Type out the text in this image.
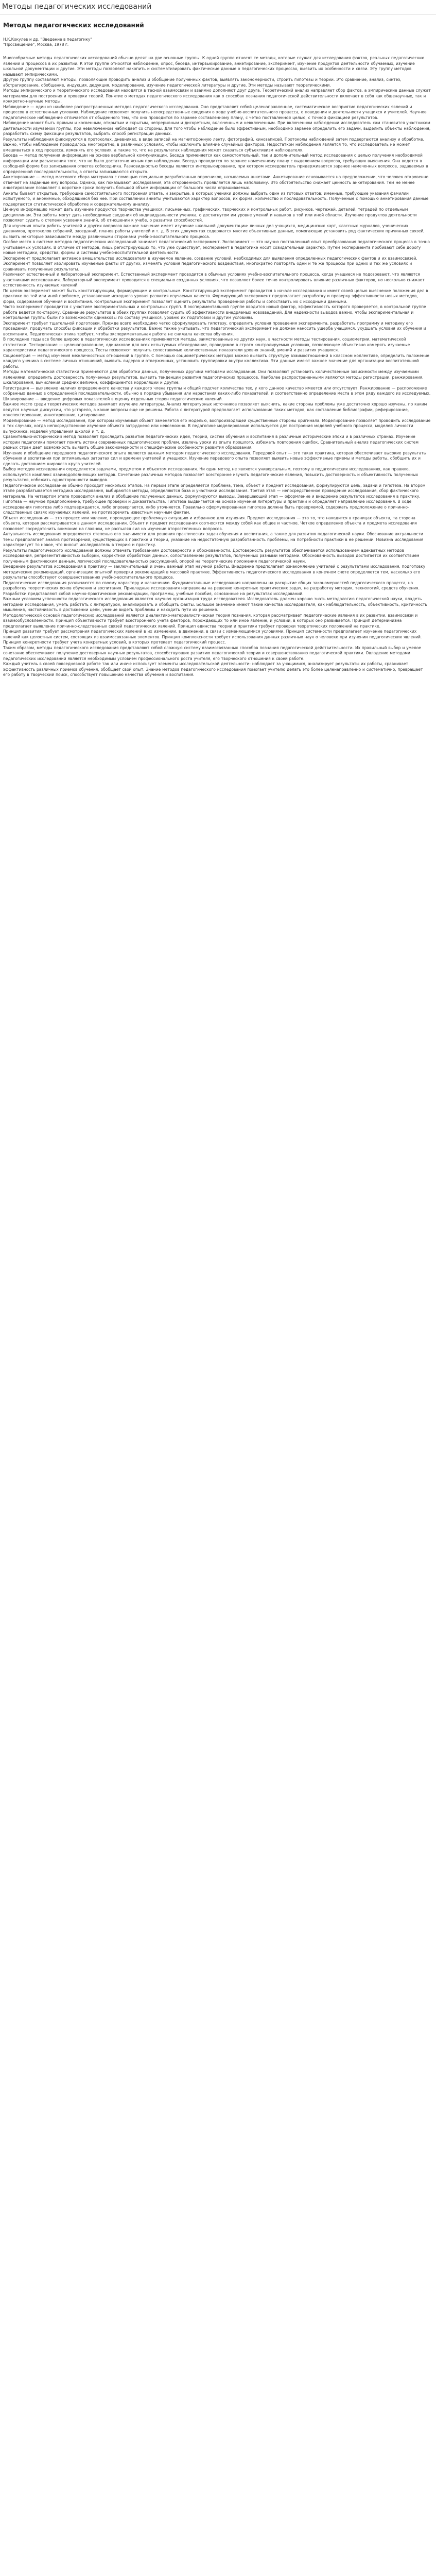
Методы педагогических исследований
Методы педагогических исследований

Н.К.Кокулев и др. "Введение в педагогику"

"Просвещение", Москва, 1978 г.

Многообразные методы педагогических исследований обычно делят на две основные группы. К одной группе относят те методы, которые служат для исследования фактов, реальных педагогических явлений и процессов в их развитии. К этой группе относятся наблюдение, опрос, беседа, интервьюирование, анкетирование, эксперимент, изучение продуктов деятельности обучаемых, изучение школьной документации и другие. Эти методы позволяют накопить и систематизировать фактические данные о педагогических процессах, выявить их особенности и связи. Эту группу методов называют эмпирическими.

Другую группу составляют методы, позволяющие проводить анализ и обобщение полученных фактов, выявлять закономерности, строить гипотезы и теории. Это сравнение, анализ, синтез, абстрагирование, обобщение, индукция, дедукция, моделирование, изучение педагогической литературы и другие. Эти методы называют теоретическими.

Методы эмпирического и теоретического исследования находятся в тесной взаимосвязи и взаимно дополняют друг друга. Теоретический анализ направляет сбор фактов, а эмпирические данные служат материалом для построения и проверки теорий. Понятие о методах педагогического исследования как о способах познания педагогической действительности включает в себя как общенаучные, так и конкретно-научные методы.

Наблюдение — один из наиболее распространенных методов педагогического исследования. Оно представляет собой целенаправленное, систематическое восприятие педагогических явлений и процессов в естественных условиях. Наблюдение позволяет получить непосредственные сведения о ходе учебно-воспитательного процесса, о поведении и деятельности учащихся и учителей. Научное педагогическое наблюдение отличается от обыденного тем, что оно проводится по заранее составленному плану, с четко поставленной целью, с точной фиксацией результатов.

Наблюдение может быть прямым и косвенным, открытым и скрытым, непрерывным и дискретным, включенным и невключенным. При включенном наблюдении исследователь сам становится участником деятельности изучаемой группы, при невключенном наблюдает со стороны. Для того чтобы наблюдение было эффективным, необходимо заранее определить его задачи, выделить объекты наблюдения, разработать схему фиксации результатов, выбрать способ регистрации данных.

Результаты наблюдения фиксируются в протоколах, дневниках, в виде записей на магнитофонную ленту, фотографий, кинозаписей. Протоколы наблюдений затем подвергаются анализу и обработке. Важно, чтобы наблюдение проводилось многократно, в различных условиях, чтобы исключить влияние случайных факторов. Недостатком наблюдения является то, что исследователь не может вмешиваться в ход процесса, изменять его условия, а также то, что на результатах наблюдения может сказаться субъективизм наблюдателя.

Беседа — метод получения информации на основе вербальной коммуникации. Беседа применяется как самостоятельный, так и дополнительный метод исследования с целью получения необходимой информации или разъяснения того, что не было достаточно ясным при наблюдении. Беседа проводится по заранее намеченному плану с выделением вопросов, требующих выяснения. Она ведется в свободной форме без записывания ответов собеседника. Разновидностью беседы является интервьюирование, при котором исследователь придерживается заранее намеченных вопросов, задаваемых в определенной последовательности, а ответы записываются открыто.

Анкетирование — метод массового сбора материала с помощью специально разработанных опросников, называемых анкетами. Анкетирование основывается на предположении, что человек откровенно отвечает на заданные ему вопросы. Однако, как показывают исследования, эта откровенность проявляется лишь наполовину. Это обстоятельство снижает ценность анкетирования. Тем не менее анкетирование позволяет в короткие сроки получить большой объем информации от большого числа опрашиваемых.

Анкеты бывают открытые, требующие самостоятельного построения ответа, и закрытые, в которых ученики должны выбрать один из готовых ответов; именные, требующие указания фамилии испытуемого, и анонимные, обходящиеся без нее. При составлении анкеты учитываются характер вопросов, их форма, количество и последовательность. Полученные с помощью анкетирования данные подвергаются статистической обработке и содержательному анализу.

Ценную информацию может дать изучение продуктов творчества учащихся: письменных, графических, творческих и контрольных работ, рисунков, чертежей, деталей, тетрадей по отдельным дисциплинам. Эти работы могут дать необходимые сведения об индивидуальности ученика, о достигнутом им уровне умений и навыков в той или иной области. Изучение продуктов деятельности позволяет судить о степени усвоения знаний, об отношении к учебе, о развитии способностей.

Для изучения опыта работы учителей и других вопросов важное значение имеет изучение школьной документации: личных дел учащихся, медицинских карт, классных журналов, ученических дневников, протоколов собраний, заседаний, планов работы учителей и т. д. В этих документах содержатся многие объективные данные, помогающие установить ряд фактических причинных связей, выявить некоторые зависимости между различными сторонами учебно-воспитательного процесса.

Особое место в системе методов педагогических исследований занимает педагогический эксперимент. Эксперимент — это научно поставленный опыт преобразования педагогического процесса в точно учитываемых условиях. В отличие от методов, лишь регистрирующих то, что уже существует, эксперимент в педагогике носит созидательный характер. Путем эксперимента пробивают себе дорогу новые методики, средства, формы и системы учебно-воспитательной деятельности.

Эксперимент предполагает активное вмешательство исследователя в изучаемое явление, создание условий, необходимых для выявления определенных педагогических фактов и их взаимосвязей. Эксперимент позволяет изолировать изучаемые факты от других, изменять условия педагогического воздействия, многократно повторять одни и те же процессы при одних и тех же условиях и сравнивать полученные результаты.

Различают естественный и лабораторный эксперимент. Естественный эксперимент проводится в обычных условиях учебно-воспитательного процесса, когда учащиеся не подозревают, что являются участниками исследования. Лабораторный эксперимент проводится в специально созданных условиях, что позволяет более точно контролировать влияние различных факторов, но несколько снижает естественность изучаемых явлений.

По целям эксперимент может быть констатирующим, формирующим и контрольным. Констатирующий эксперимент проводится в начале исследования и имеет своей целью выяснение положения дел в практике по той или иной проблеме, установление исходного уровня развития изучаемых качеств. Формирующий эксперимент предполагает разработку и проверку эффективности новых методов, форм, содержания обучения и воспитания. Контрольный эксперимент позволяет оценить результаты проведенной работы и сопоставить их с исходными данными.

Часто эксперимент проводится с участием экспериментальных и контрольных групп. В экспериментальной группе вводится новый фактор, эффективность которого проверяется, в контрольной группе работа ведется по-старому. Сравнение результатов в обеих группах позволяет судить об эффективности внедряемых нововведений. Для надежности выводов важно, чтобы экспериментальная и контрольная группы были по возможности одинаковы по составу учащихся, уровню их подготовки и другим условиям.

Эксперимент требует тщательной подготовки. Прежде всего необходимо четко сформулировать гипотезу, определить условия проведения эксперимента, разработать программу и методику его проведения, продумать способы фиксации и обработки результатов. Важно также учитывать, что педагогический эксперимент не должен наносить ущерба учащимся, ухудшать условия их обучения и воспитания. Педагогическая этика требует, чтобы экспериментальная работа не снижала качества обучения.

В последние годы все более широко в педагогических исследованиях применяются методы, заимствованные из других наук, в частности методы тестирования, социометрии, математической статистики. Тестирование — целенаправленное, одинаковое для всех испытуемых обследование, проводимое в строго контролируемых условиях, позволяющее объективно измерять изучаемые характеристики педагогического процесса. Тесты позволяют получить сопоставимые количественные показатели уровня знаний, умений и развития учащихся.

Социометрия — метод изучения межличностных отношений в группе. С помощью социометрических методов можно выявить структуру взаимоотношений в классном коллективе, определить положение каждого ученика в системе личных отношений, выявить лидеров и отверженных, установить группировки внутри коллектива. Эти данные имеют важное значение для организации воспитательной работы.

Методы математической статистики применяются для обработки данных, полученных другими методами исследования. Они позволяют установить количественные зависимости между изучаемыми явлениями, определить достоверность полученных результатов, выявить тенденции развития педагогических процессов. Наиболее распространенными являются методы регистрации, ранжирования, шкалирования, вычисления средних величин, коэффициентов корреляции и другие.

Регистрация — выявление наличия определенного качества у каждого члена группы и общий подсчет количества тех, у кого данное качество имеется или отсутствует. Ранжирование — расположение собранных данных в определенной последовательности, обычно в порядке убывания или нарастания каких-либо показателей, и соответственно определение места в этом ряду каждого из исследуемых. Шкалирование — введение цифровых показателей в оценку отдельных сторон педагогических явлений.

Важное место среди теоретических методов занимает изучение литературы. Анализ литературных источников позволяет выяснить, какие стороны проблемы уже достаточно хорошо изучены, по каким ведутся научные дискуссии, что устарело, а какие вопросы еще не решены. Работа с литературой предполагает использование таких методов, как составление библиографии, реферирование, конспектирование, аннотирование, цитирование.

Моделирование — метод исследования, при котором изучаемый объект заменяется его моделью, воспроизводящей существенные стороны оригинала. Моделирование позволяет проводить исследование в тех случаях, когда непосредственное изучение объекта затруднено или невозможно. В педагогике моделирование используется для построения моделей учебного процесса, моделей личности выпускника, моделей управления школой и т. д.

Сравнительно-исторический метод позволяет проследить развитие педагогических идей, теорий, систем обучения и воспитания в различные исторические эпохи и в различных странах. Изучение истории педагогики помогает понять истоки современных педагогических проблем, извлечь уроки из опыта прошлого, избежать повторения ошибок. Сравнительный анализ педагогических систем разных стран дает возможность выявить общие закономерности и специфические особенности развития образования.

Изучение и обобщение передового педагогического опыта является важным методом педагогического исследования. Передовой опыт — это такая практика, которая обеспечивает высокие результаты обучения и воспитания при оптимальных затратах сил и времени учителей и учащихся. Изучение передового опыта позволяет выявить новые эффективные приемы и методы работы, обобщить их и сделать достоянием широкого круга учителей.

Выбор методов исследования определяется задачами, предметом и объектом исследования. Ни один метод не является универсальным, поэтому в педагогических исследованиях, как правило, используется комплекс взаимодополняющих методов. Сочетание различных методов позволяет всесторонне изучить педагогические явления, повысить достоверность и объективность полученных результатов, избежать односторонности выводов.

Педагогическое исследование обычно проходит несколько этапов. На первом этапе определяется проблема, тема, объект и предмет исследования, формулируются цель, задачи и гипотеза. На втором этапе разрабатывается методика исследования, выбираются методы, определяются база и участники исследования. Третий этап — непосредственное проведение исследования, сбор фактического материала. На четвертом этапе проводится анализ и обобщение полученных данных, формулируются выводы. Завершающий этап — оформление и внедрение результатов исследования в практику.

Гипотеза — научное предположение, требующее проверки и доказательства. Гипотеза выдвигается на основе изучения литературы и практики и определяет направление исследования. В ходе исследования гипотеза либо подтверждается, либо опровергается, либо уточняется. Правильно сформулированная гипотеза должна быть проверяемой, содержать предположение о причинно-следственных связях изучаемых явлений, не противоречить известным научным фактам.

Объект исследования — это процесс или явление, порождающее проблемную ситуацию и избранное для изучения. Предмет исследования — это то, что находится в границах объекта, та сторона объекта, которая рассматривается в данном исследовании. Объект и предмет исследования соотносятся между собой как общее и частное. Четкое определение объекта и предмета исследования позволяет сосредоточить внимание на главном, не распыляя сил на изучение второстепенных вопросов.

Актуальность исследования определяется степенью его значимости для решения практических задач обучения и воспитания, а также для развития педагогической науки. Обоснование актуальности темы предполагает анализ противоречий, существующих в практике и теории, указание на недостаточную разработанность проблемы, на потребности практики в ее решении. Новизна исследования характеризует то новое, что вносит исследователь в теорию и практику.

Результаты педагогического исследования должны отвечать требованиям достоверности и обоснованности. Достоверность результатов обеспечивается использованием адекватных методов исследования, репрезентативностью выборки, корректной обработкой данных, сопоставлением результатов, полученных разными методами. Обоснованность выводов достигается их соответствием полученным фактическим данным, логической последовательностью рассуждений, опорой на теоретические положения педагогической науки.

Внедрение результатов исследования в практику — заключительный и очень важный этап научной работы. Внедрение предполагает ознакомление учителей с результатами исследования, подготовку методических рекомендаций, организацию опытной проверки рекомендаций в массовой практике. Эффективность педагогического исследования в конечном счете определяется тем, насколько его результаты способствуют совершенствованию учебно-воспитательного процесса.

Педагогические исследования различаются по своему характеру и назначению. Фундаментальные исследования направлены на раскрытие общих закономерностей педагогического процесса, на разработку теоретических основ обучения и воспитания. Прикладные исследования направлены на решение конкретных практических задач, на разработку методик, технологий, средств обучения. Разработки представляют собой научно-практические рекомендации, программы, учебные пособия, основанные на результатах исследований.

Важным условием успешности педагогического исследования является научная организация труда исследователя. Исследователь должен хорошо знать методологию педагогической науки, владеть методами исследования, уметь работать с литературой, анализировать и обобщать факты. Большое значение имеют такие качества исследователя, как наблюдательность, объективность, критичность мышления, настойчивость в достижении цели, умение видеть проблемы и находить пути их решения.

Методологической основой педагогических исследований является диалектико-материалистическая теория познания, которая рассматривает педагогические явления в их развитии, взаимосвязи и взаимообусловленности. Принцип объективности требует всестороннего учета факторов, порождающих то или иное явление, и условий, в которых оно развивается. Принцип детерминизма предполагает выявление причинно-следственных связей педагогических явлений. Принцип единства теории и практики требует проверки теоретических положений на практике.

Принцип развития требует рассмотрения педагогических явлений в их изменении, в движении, в связи с изменяющимися условиями. Принцип системности предполагает изучение педагогических явлений как целостных систем, состоящих из взаимосвязанных элементов. Принцип комплексности требует использования данных различных наук о человеке при изучении педагогических явлений. Принцип конкретности требует учета конкретных условий, в которых протекает педагогический процесс.

Таким образом, методы педагогического исследования представляют собой сложную систему взаимосвязанных способов познания педагогической действительности. Их правильный выбор и умелое сочетание обеспечивают получение достоверных научных результатов, способствующих развитию педагогической теории и совершенствованию педагогической практики. Овладение методами педагогических исследований является необходимым условием профессионального роста учителя, его творческого отношения к своей работе.

Каждый учитель в своей повседневной работе так или иначе использует элементы исследовательской деятельности: наблюдает за учащимися, анализирует результаты их работы, сравнивает эффективность различных приемов обучения, обобщает свой опыт. Знание методов педагогического исследования помогает учителю делать это более целенаправленно и систематично, превращает его работу в творческий поиск, способствует повышению качества обучения и воспитания.
